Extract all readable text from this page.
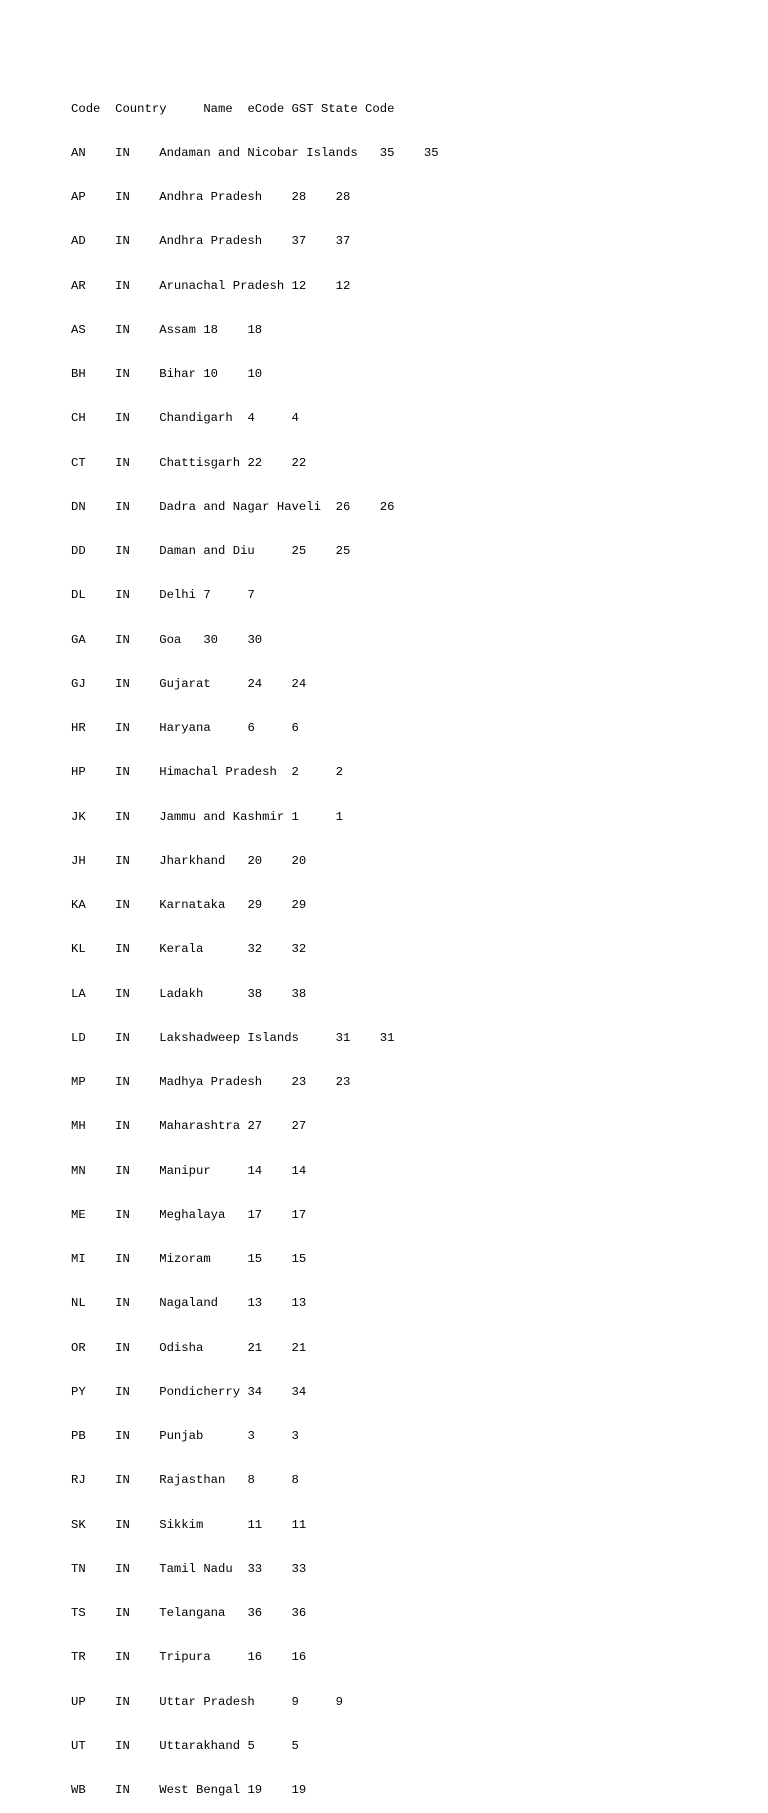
Code	Country	Name	eCode	GST State Code

AN	IN	Andaman and Nicobar Islands	35	35

AP	IN	Andhra Pradesh	28	28

AD	IN	Andhra Pradesh	37	37

AR	IN	Arunachal Pradesh	12	12

AS	IN	Assam	18	18

BH	IN	Bihar	10	10

CH	IN	Chandigarh	4	4

CT	IN	Chattisgarh	22	22

DN	IN	Dadra and Nagar Haveli	26	26

DD	IN	Daman and Diu	25	25

DL	IN	Delhi	7	7

GA	IN	Goa	30	30

GJ	IN	Gujarat	24	24

HR	IN	Haryana	6	6

HP	IN	Himachal Pradesh	2	2

JK	IN	Jammu and Kashmir	1	1

JH	IN	Jharkhand	20	20

KA	IN	Karnataka	29	29

KL	IN	Kerala	32	32

LA	IN	Ladakh	38	38

LD	IN	Lakshadweep Islands	31	31

MP	IN	Madhya Pradesh	23	23

MH	IN	Maharashtra	27	27

MN	IN	Manipur	14	14

ME	IN	Meghalaya	17	17

MI	IN	Mizoram	15	15

NL	IN	Nagaland	13	13

OR	IN	Odisha	21	21

PY	IN	Pondicherry	34	34

PB	IN	Punjab	3	3

RJ	IN	Rajasthan	8	8

SK	IN	Sikkim	11	11

TN	IN	Tamil Nadu	33	33

TS	IN	Telangana	36	36

TR	IN	Tripura	16	16

UP	IN	Uttar Pradesh	9	9

UT	IN	Uttarakhand	5	5

WB	IN	West Bengal	19	19
